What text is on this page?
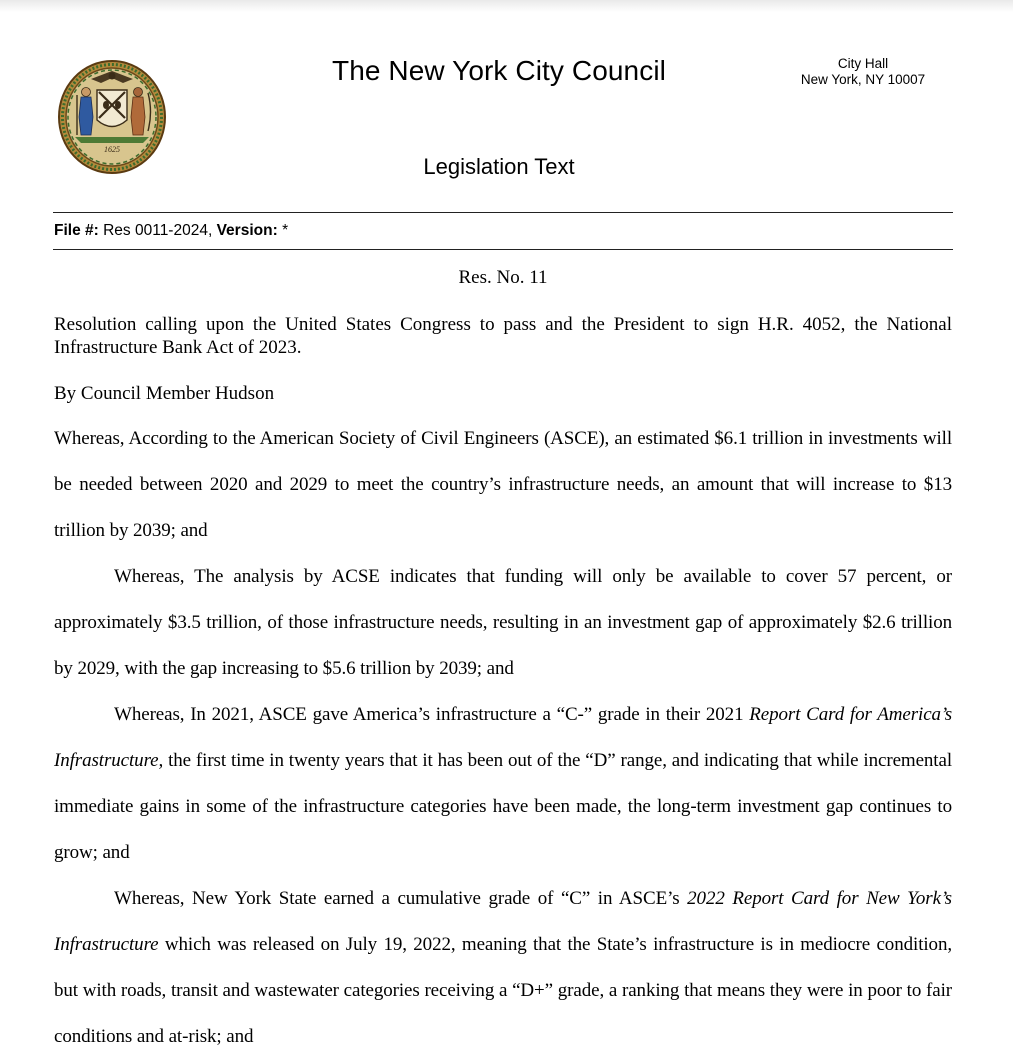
1625
The New York City Council	City Hall
New York, NY 10007
Legislation Text
File #: Res 0011-2024, Version: *
Res. No. 11
Resolution calling upon the United States Congress to pass and the President to sign H.R. 4052, the National Infrastructure Bank Act of 2023.
By Council Member Hudson

Whereas, According to the American Society of Civil Engineers (ASCE), an estimated $6.1 trillion in investments will be needed between 2020 and 2029 to meet the country’s infrastructure needs, an amount that will increase to $13 trillion by 2039; and

Whereas, The analysis by ACSE indicates that funding will only be available to cover 57 percent, or approximately $3.5 trillion, of those infrastructure needs, resulting in an investment gap of approximately $2.6 trillion by 2029, with the gap increasing to $5.6 trillion by 2039; and

Whereas, In 2021, ASCE gave America’s infrastructure a “C-” grade in their 2021 Report Card for America’s Infrastructure, the first time in twenty years that it has been out of the “D” range, and indicating that while incremental immediate gains in some of the infrastructure categories have been made, the long-term investment gap continues to grow; and

Whereas, New York State earned a cumulative grade of “C” in ASCE’s 2022 Report Card for New York’s Infrastructure which was released on July 19, 2022, meaning that the State’s infrastructure is in mediocre condition, but with roads, transit and wastewater categories receiving a “D+” grade, a ranking that means they were in poor to fair conditions and at-risk; and
